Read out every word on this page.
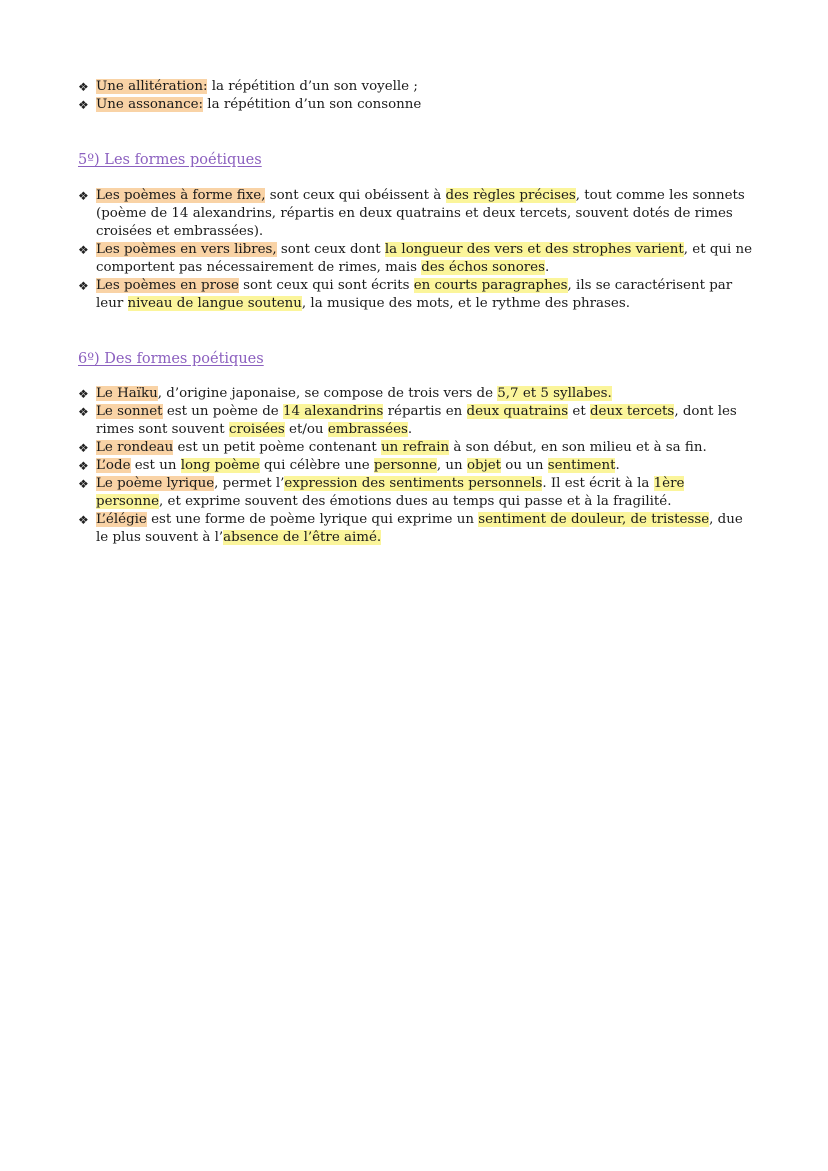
❖ Une allitération: la répétition d’un son voyelle ;
❖ Une assonance: la répétition d’un son consonne
5º) Les formes poétiques
❖ Les poèmes à forme fixe, sont ceux qui obéissent à des règles précises, tout comme les sonnets (poème de 14 alexandrins, répartis en deux quatrains et deux tercets, souvent dotés de rimes croisées et embrassées).
❖ Les poèmes en vers libres, sont ceux dont la longueur des vers et des strophes varient, et qui ne comportent pas nécessairement de rimes, mais des échos sonores.
❖ Les poèmes en prose sont ceux qui sont écrits en courts paragraphes, ils se caractérisent par leur niveau de langue soutenu, la musique des mots, et le rythme des phrases.
6º) Des formes poétiques
❖ Le Haïku, d’origine japonaise, se compose de trois vers de 5,7 et 5 syllabes.
❖ Le sonnet est un poème de 14 alexandrins répartis en deux quatrains et deux tercets, dont les rimes sont souvent croisées et/ou embrassées.
❖ Le rondeau est un petit poème contenant un refrain à son début, en son milieu et à sa fin.
❖ L’ode est un long poème qui célèbre une personne, un objet ou un sentiment.
❖ Le poème lyrique, permet l’expression des sentiments personnels. Il est écrit à la 1ère personne, et exprime souvent des émotions dues au temps qui passe et à la fragilité.
❖ L’élégie est une forme de poème lyrique qui exprime un sentiment de douleur, de tristesse, due le plus souvent à l’absence de l’être aimé.
